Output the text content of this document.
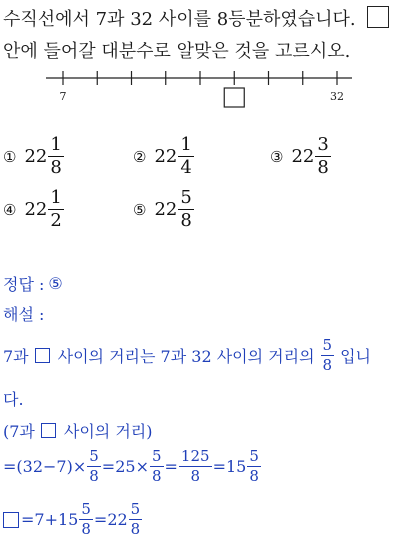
수직선에서 7과 32 사이를 8등분하였습니다.
안에 들어갈 대분수로 알맞은 것을 고르시오.
7	32
① $22 \frac{1}{8}$	② $22 \frac{1}{4}$	③ $22 \frac{3}{8}$
④ $22 \frac{1}{2}$	⑤ $22 \frac{5}{8}$
정답 : ⑤
해설 :
7과 사이의 거리는 7과 32 사이의 거리의 $\frac{5}{8}$ 입니
다.
(7과 사이의 거리)
$=(32-7)\times \frac{5}{8} =25\times \frac{5}{8} = \frac{125}{8} =15 \frac{5}{8}$
$=7+15 \frac{5}{8} =22 \frac{5}{8}$
